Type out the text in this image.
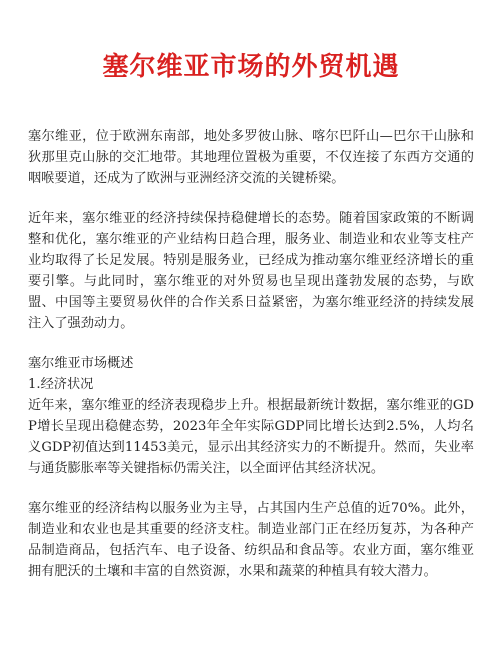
塞尔维亚市场的外贸机遇

塞尔维亚，位于欧洲东南部，地处多罗彼山脉、喀尔巴阡山—巴尔干山脉和狄那里克山脉的交汇地带。其地理位置极为重要，不仅连接了东西方交通的咽喉要道，还成为了欧洲与亚洲经济交流的关键桥梁。

近年来，塞尔维亚的经济持续保持稳健增长的态势。随着国家政策的不断调整和优化，塞尔维亚的产业结构日趋合理，服务业、制造业和农业等支柱产业均取得了长足发展。特别是服务业，已经成为推动塞尔维亚经济增长的重要引擎。与此同时，塞尔维亚的对外贸易也呈现出蓬勃发展的态势，与欧盟、中国等主要贸易伙伴的合作关系日益紧密，为塞尔维亚经济的持续发展注入了强劲动力。

塞尔维亚市场概述
1.经济状况

近年来，塞尔维亚的经济表现稳步上升。根据最新统计数据，塞尔维亚的GDP增长呈现出稳健态势，2023年全年实际GDP同比增长达到2.5%，人均名义GDP初值达到11453美元，显示出其经济实力的不断提升。然而，失业率与通货膨胀率等关键指标仍需关注，以全面评估其经济状况。

塞尔维亚的经济结构以服务业为主导，占其国内生产总值的近70%。此外，制造业和农业也是其重要的经济支柱。制造业部门正在经历复苏，为各种产品制造商品，包括汽车、电子设备、纺织品和食品等。农业方面，塞尔维亚拥有肥沃的土壤和丰富的自然资源，水果和蔬菜的种植具有较大潜力。
